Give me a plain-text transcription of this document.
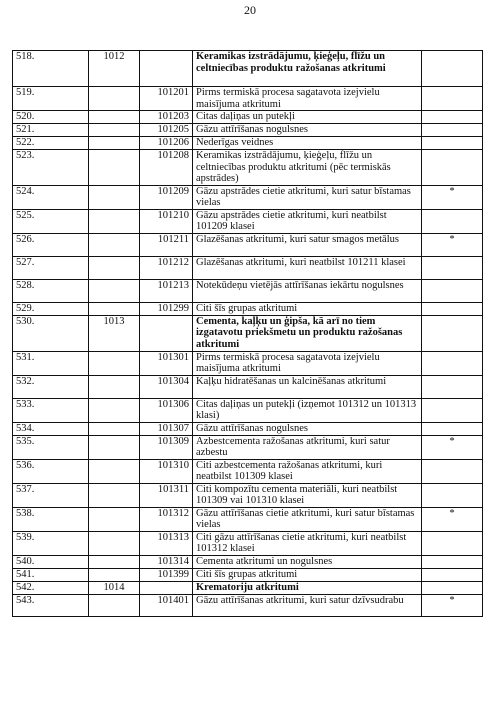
20
518.	1012		Keramikas izstrādājumu, ķieģeļu, flīžu un celtniecības produktu ražošanas atkritumi	
519.		101201	Pirms termiskā procesa sagatavota izejvielu maisījuma atkritumi	
520.		101203	Citas daļiņas un putekļi	
521.		101205	Gāzu attīrīšanas nogulsnes	
522.		101206	Nederīgas veidnes	
523.		101208	Keramikas izstrādājumu, ķieģeļu, flīžu un celtniecības produktu atkritumi (pēc termiskās apstrādes)	
524.		101209	Gāzu apstrādes cietie atkritumi, kuri satur bīstamas vielas	*
525.		101210	Gāzu apstrādes cietie atkritumi, kuri neatbilst 101209 klasei	
526.		101211	Glazēšanas atkritumi, kuri satur smagos metālus	*
527.		101212	Glazēšanas atkritumi, kuri neatbilst 101211 klasei	
528.		101213	Notekūdeņu vietējās attīrīšanas iekārtu nogulsnes	
529.		101299	Citi šīs grupas atkritumi	
530.	1013		Cementa, kaļķu un ģipša, kā arī no tiem izgatavotu priekšmetu un produktu ražošanas atkritumi	
531.		101301	Pirms termiskā procesa sagatavota izejvielu maisījuma atkritumi	
532.		101304	Kaļķu hidratēšanas un kalcinēšanas atkritumi	
533.		101306	Citas daļiņas un putekļi (izņemot 101312 un 101313 klasi)	
534.		101307	Gāzu attīrīšanas nogulsnes	
535.		101309	Azbestcementa ražošanas atkritumi, kuri satur azbestu	*
536.		101310	Citi azbestcementa ražošanas atkritumi, kuri neatbilst 101309 klasei	
537.		101311	Citi kompozītu cementa materiāli, kuri neatbilst 101309 vai 101310 klasei	
538.		101312	Gāzu attīrīšanas cietie atkritumi, kuri satur bīstamas vielas	*
539.		101313	Citi gāzu attīrīšanas cietie atkritumi, kuri neatbilst 101312 klasei	
540.		101314	Cementa atkritumi un nogulsnes	
541.		101399	Citi šīs grupas atkritumi	
542.	1014		Krematoriju atkritumi	
543.		101401	Gāzu attīrīšanas atkritumi, kuri satur dzīvsudrabu	*
